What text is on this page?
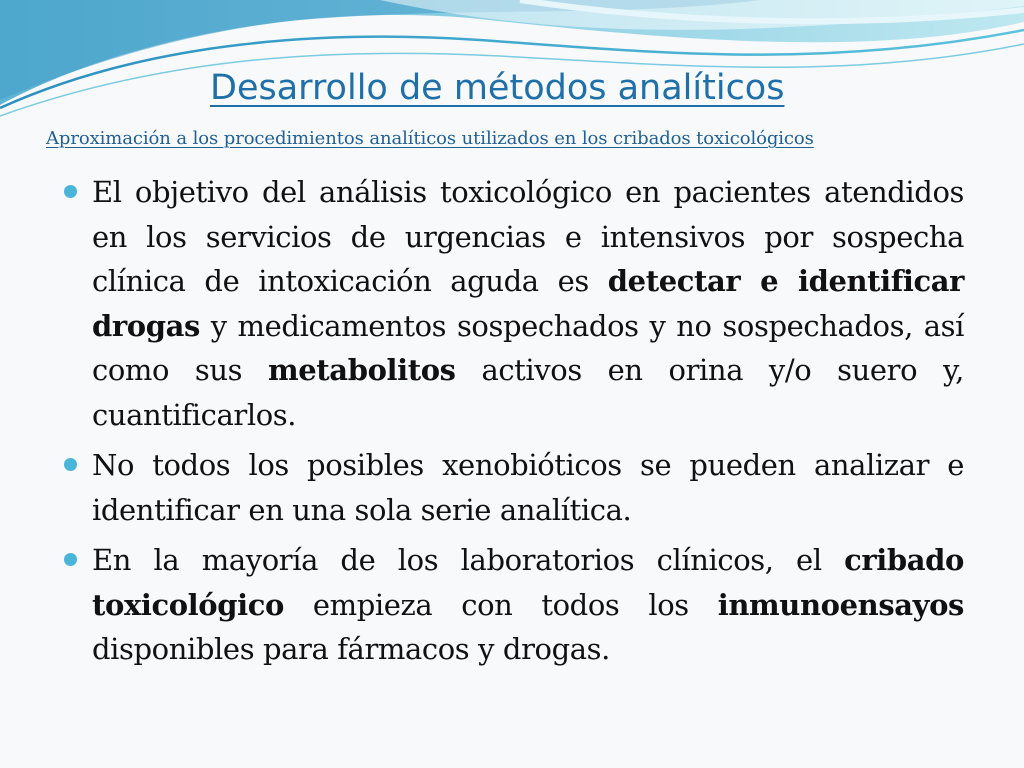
Desarrollo de métodos analíticos
Aproximación a los procedimientos analíticos utilizados en los cribados toxicológicos
El objetivo del análisis toxicológico en pacientes atendidos en los servicios de urgencias e intensivos por sospecha clínica de intoxicación aguda es detectar e identificar drogas y medicamentos sospechados y no sospechados, así como sus metabolitos activos en orina y/o suero y, cuantificarlos.
No todos los posibles xenobióticos se pueden analizar e identificar en una sola serie analítica.
En la mayoría de los laboratorios clínicos, el cribado toxicológico empieza con todos los inmunoensayos disponibles para fármacos y drogas.
